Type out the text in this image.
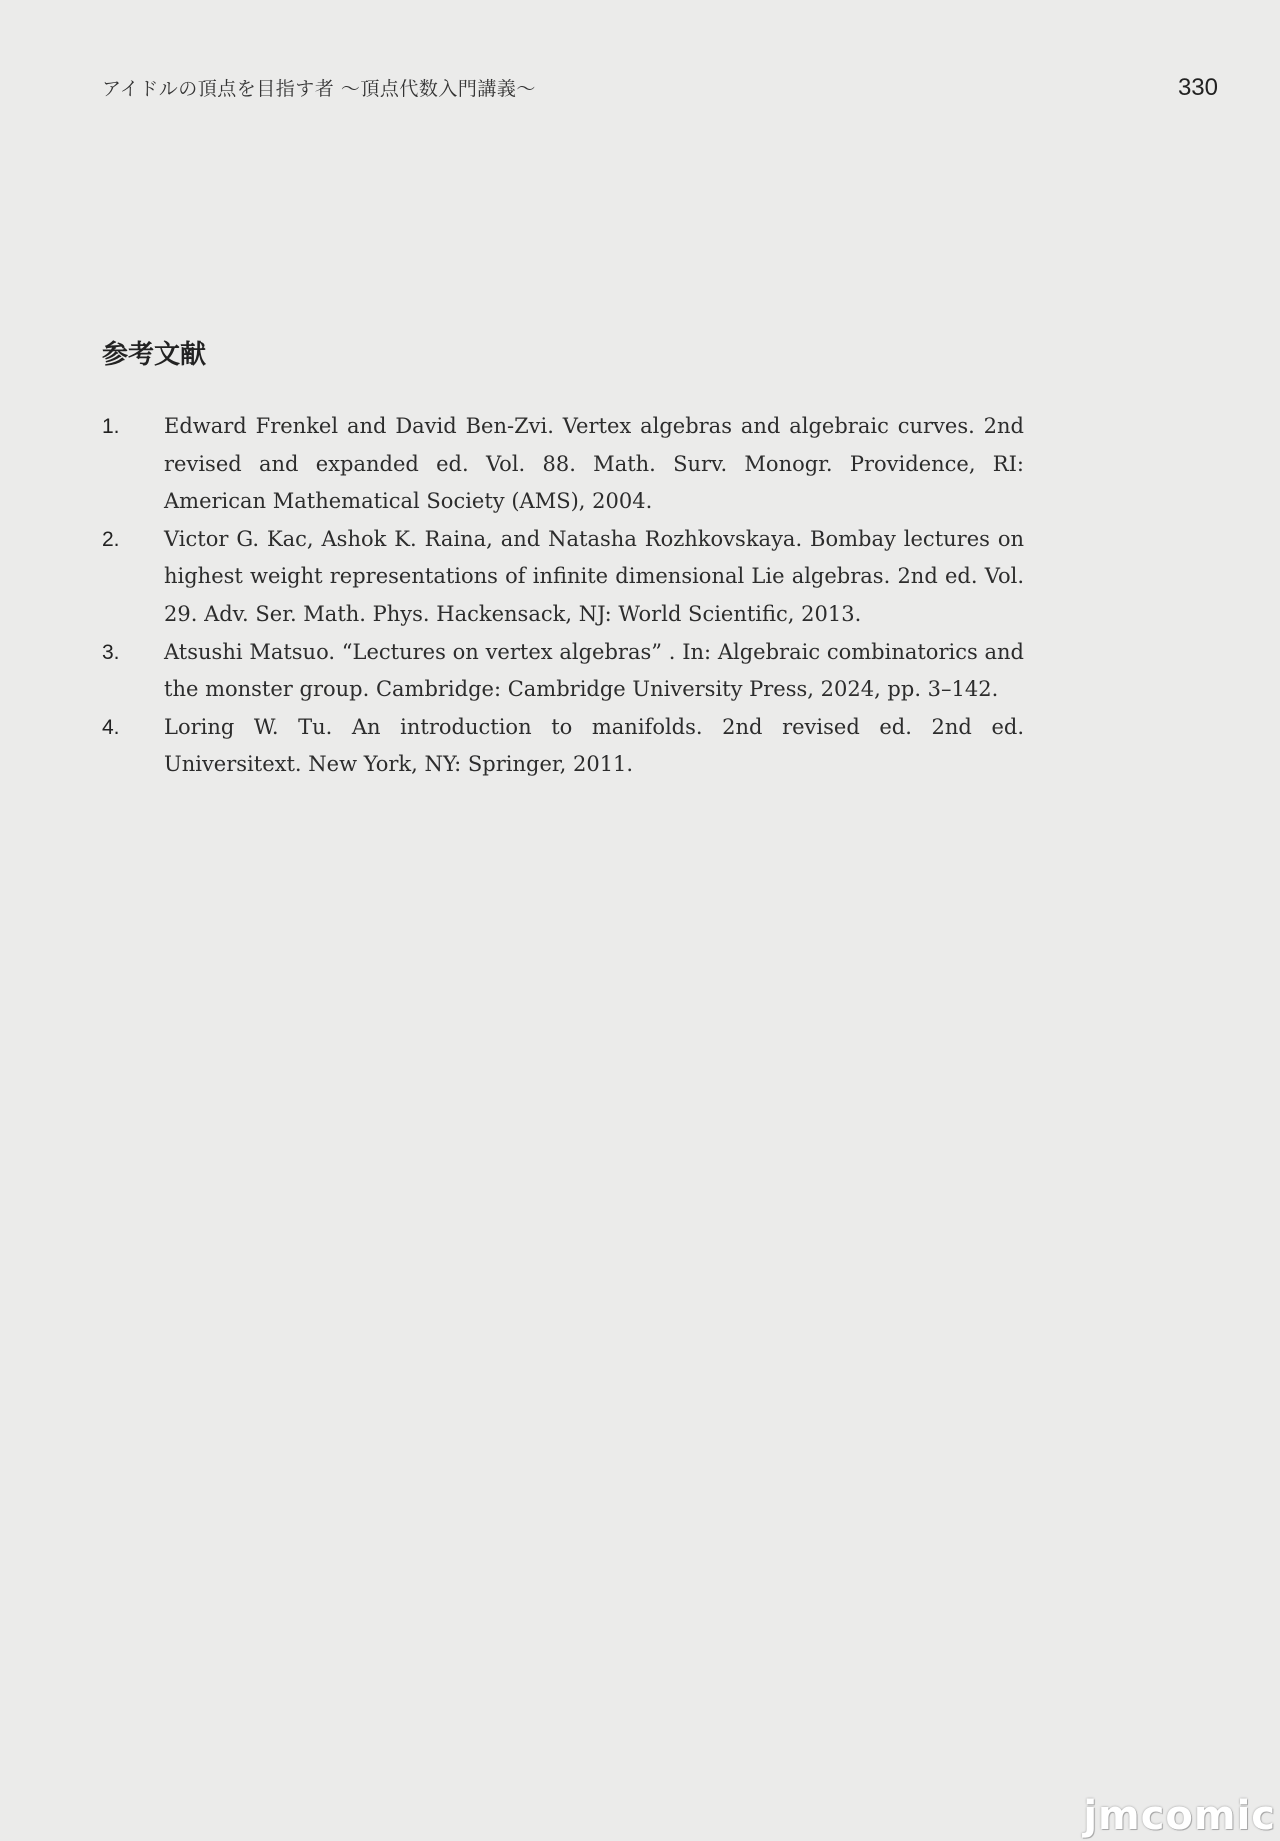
アイドルの頂点を目指す者 〜頂点代数入門講義〜	330
参考文献
1. Edward Frenkel and David Ben-Zvi. Vertex algebras and algebraic curves. 2nd revised and expanded ed. Vol. 88. Math. Surv. Monogr. Providence, RI: American Mathematical Society (AMS), 2004.
2. Victor G. Kac, Ashok K. Raina, and Natasha Rozhkovskaya. Bombay lectures on highest weight representations of infinite dimensional Lie algebras. 2nd ed. Vol. 29. Adv. Ser. Math. Phys. Hackensack, NJ: World Scientific, 2013.
3. Atsushi Matsuo. “Lectures on vertex algebras” . In: Algebraic combinatorics and the monster group. Cambridge: Cambridge University Press, 2024, pp. 3–142.
4. Loring W. Tu. An introduction to manifolds. 2nd revised ed. 2nd ed. Universitext. New York, NY: Springer, 2011.
jmcomic
